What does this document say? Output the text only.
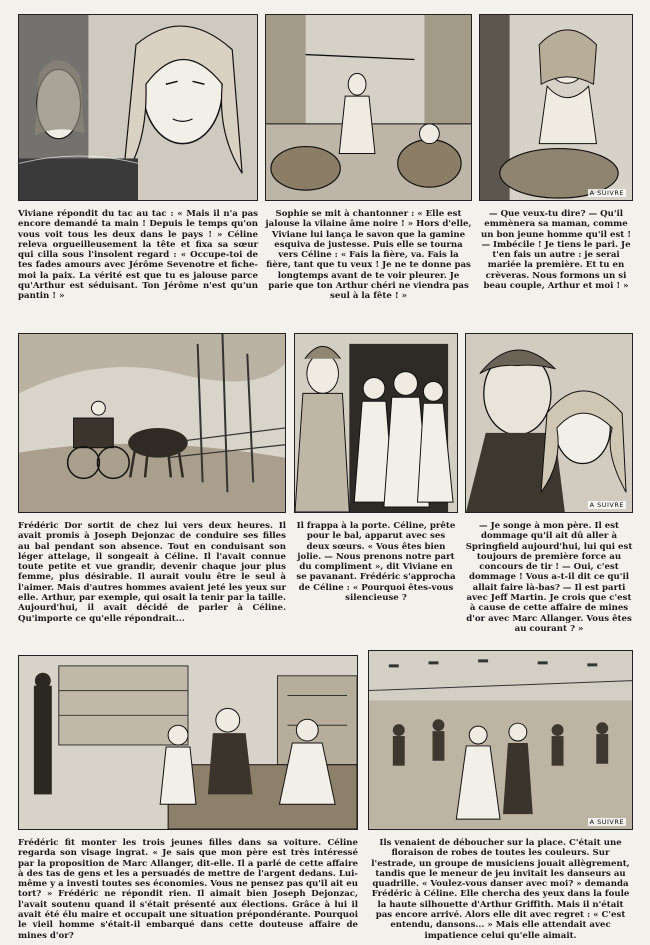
A SUIVRE

Viviane répondit du tac au tac : « Mais il n'a pas encore demandé ta main ! Depuis le temps qu'on vous voit tous les deux dans le pays ! » Céline releva orgueilleusement la tête et fixa sa sœur qui cilla sous l'insolent regard : « Occupe-toi de tes fades amours avec Jérôme Sevenotre et fiche-moi la paix. La vérité est que tu es jalouse parce qu'Arthur est séduisant. Ton Jérôme n'est qu'un pantin ! »

Sophie se mit à chantonner : « Elle est jalouse la vilaine âme noire ! » Hors d'elle, Viviane lui lança le savon que la gamine esquiva de justesse. Puis elle se tourna vers Céline : « Fais la fière, va. Fais la fière, tant que tu veux ! Je ne te donne pas longtemps avant de te voir pleurer. Je parie que ton Arthur chéri ne viendra pas seul à la fête ! »

— Que veux-tu dire? — Qu'il emmènera sa maman, comme un bon jeune homme qu'il est ! — Imbécile ! Je tiens le pari. Je t'en fais un autre : je serai mariée la première. Et tu en crèveras. Nous formons un si beau couple, Arthur et moi ! »

A SUIVRE

Frédéric Dor sortit de chez lui vers deux heures. Il avait promis à Joseph Dejonzac de conduire ses filles au bal pendant son absence. Tout en conduisant son léger attelage, il songeait à Céline. Il l'avait connue toute petite et vue grandir, devenir chaque jour plus femme, plus désirable. Il aurait voulu être le seul à l'aimer. Mais d'autres hommes avaient jeté les yeux sur elle. Arthur, par exemple, qui osait la tenir par la taille. Aujourd'hui, il avait décidé de parler à Céline. Qu'importe ce qu'elle répondrait...

Il frappa à la porte. Céline, prête pour le bal, apparut avec ses deux sœurs. « Vous êtes bien jolie. — Nous prenons notre part du compliment », dit Viviane en se pavanant. Frédéric s'approcha de Céline : « Pourquoi êtes-vous silencieuse ?

— Je songe à mon père. Il est dommage qu'il ait dû aller à Springfield aujourd'hui, lui qui est toujours de première force au concours de tir ! — Oui, c'est dommage ! Vous a-t-il dit ce qu'il allait faire là-bas? — Il est parti avec Jeff Martin. Je crois que c'est à cause de cette affaire de mines d'or avec Marc Allanger. Vous êtes au courant ? »

A SUIVRE

Frédéric fit monter les trois jeunes filles dans sa voiture. Céline regarda son visage ingrat. « Je sais que mon père est très intéressé par la proposition de Marc Allanger, dit-elle. Il a parlé de cette affaire à des tas de gens et les a persuadés de mettre de l'argent dedans. Lui-même y a investi toutes ses économies. Vous ne pensez pas qu'il ait eu tort? » Frédéric ne répondit rien. Il aimait bien Joseph Dejonzac, l'avait soutenu quand il s'était présenté aux élections. Grâce à lui il avait été élu maire et occupait une situation prépondérante. Pourquoi le vieil homme s'était-il embarqué dans cette douteuse affaire de mines d'or?

Ils venaient de déboucher sur la place. C'était une floraison de robes de toutes les couleurs. Sur l'estrade, un groupe de musiciens jouait allègrement, tandis que le meneur de jeu invitait les danseurs au quadrille. « Voulez-vous danser avec moi? » demanda Frédéric à Céline. Elle chercha des yeux dans la foule la haute silhouette d'Arthur Griffith. Mais il n'était pas encore arrivé. Alors elle dit avec regret : « C'est entendu, dansons... » Mais elle attendait avec impatience celui qu'elle aimait.
